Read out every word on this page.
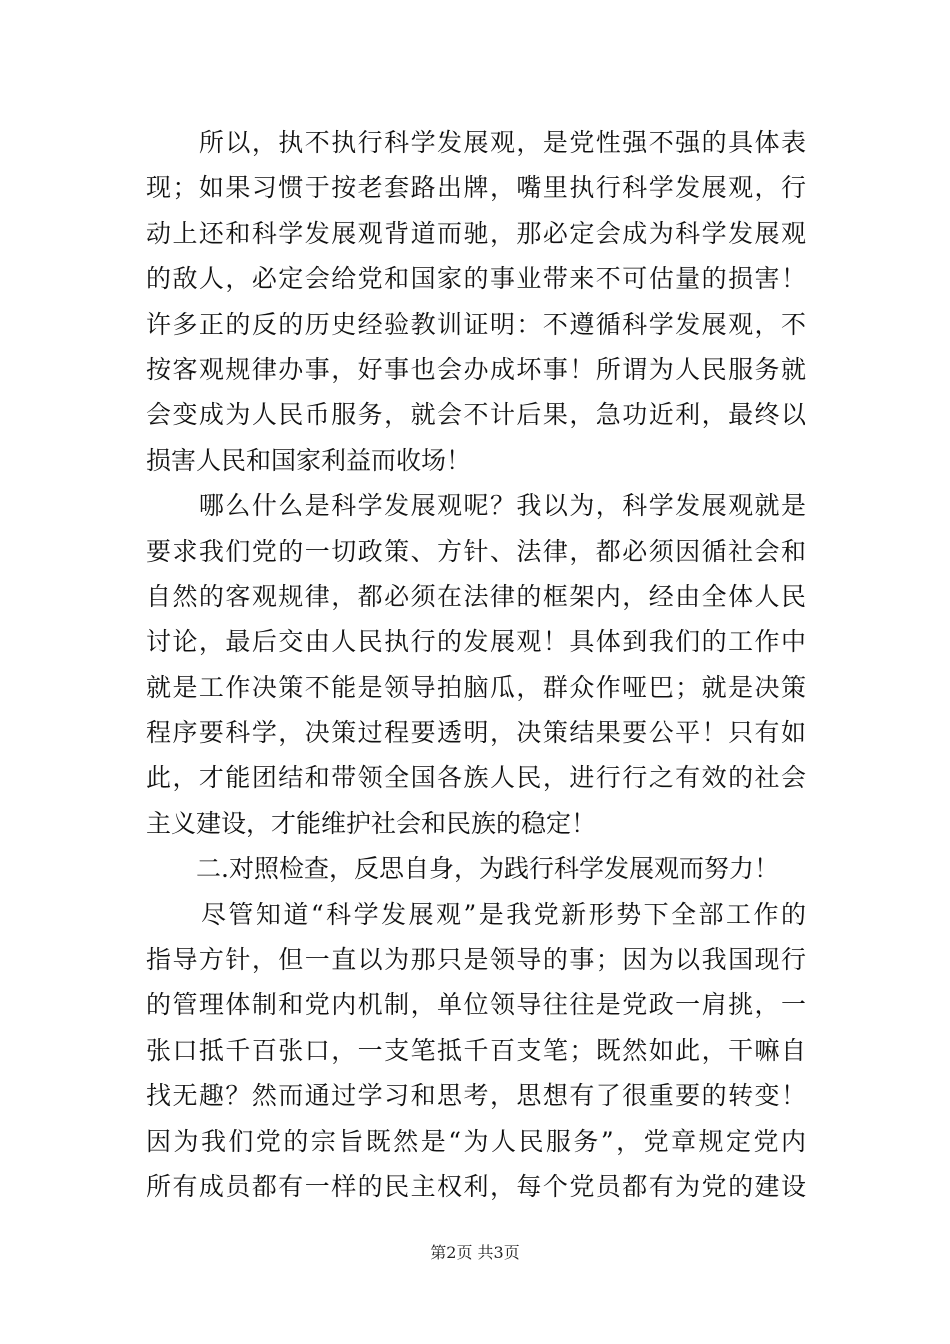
　　所以，执不执行科学发展观，是党性强不强的具体表
现；如果习惯于按老套路出牌，嘴里执行科学发展观，行
动上还和科学发展观背道而驰，那必定会成为科学发展观
的敌人，必定会给党和国家的事业带来不可估量的损害！
许多正的反的历史经验教训证明：不遵循科学发展观，不
按客观规律办事，好事也会办成坏事！所谓为人民服务就
会变成为人民币服务，就会不计后果，急功近利，最终以
损害人民和国家利益而收场！
　　哪么什么是科学发展观呢？我以为，科学发展观就是
要求我们党的一切政策、方针、法律，都必须因循社会和
自然的客观规律，都必须在法律的框架内，经由全体人民
讨论，最后交由人民执行的发展观！具体到我们的工作中
就是工作决策不能是领导拍脑瓜，群众作哑巴；就是决策
程序要科学，决策过程要透明，决策结果要公平！只有如
此，才能团结和带领全国各族人民，进行行之有效的社会
主义建设，才能维护社会和民族的稳定！
　　二.对照检查，反思自身，为践行科学发展观而努力！
　　尽管知道“科学发展观”是我党新形势下全部工作的
指导方针，但一直以为那只是领导的事；因为以我国现行
的管理体制和党内机制，单位领导往往是党政一肩挑，一
张口抵千百张口，一支笔抵千百支笔；既然如此，干嘛自
找无趣？然而通过学习和思考，思想有了很重要的转变！
因为我们党的宗旨既然是“为人民服务”，党章规定党内
所有成员都有一样的民主权利，每个党员都有为党的建设
第2页 共3页
